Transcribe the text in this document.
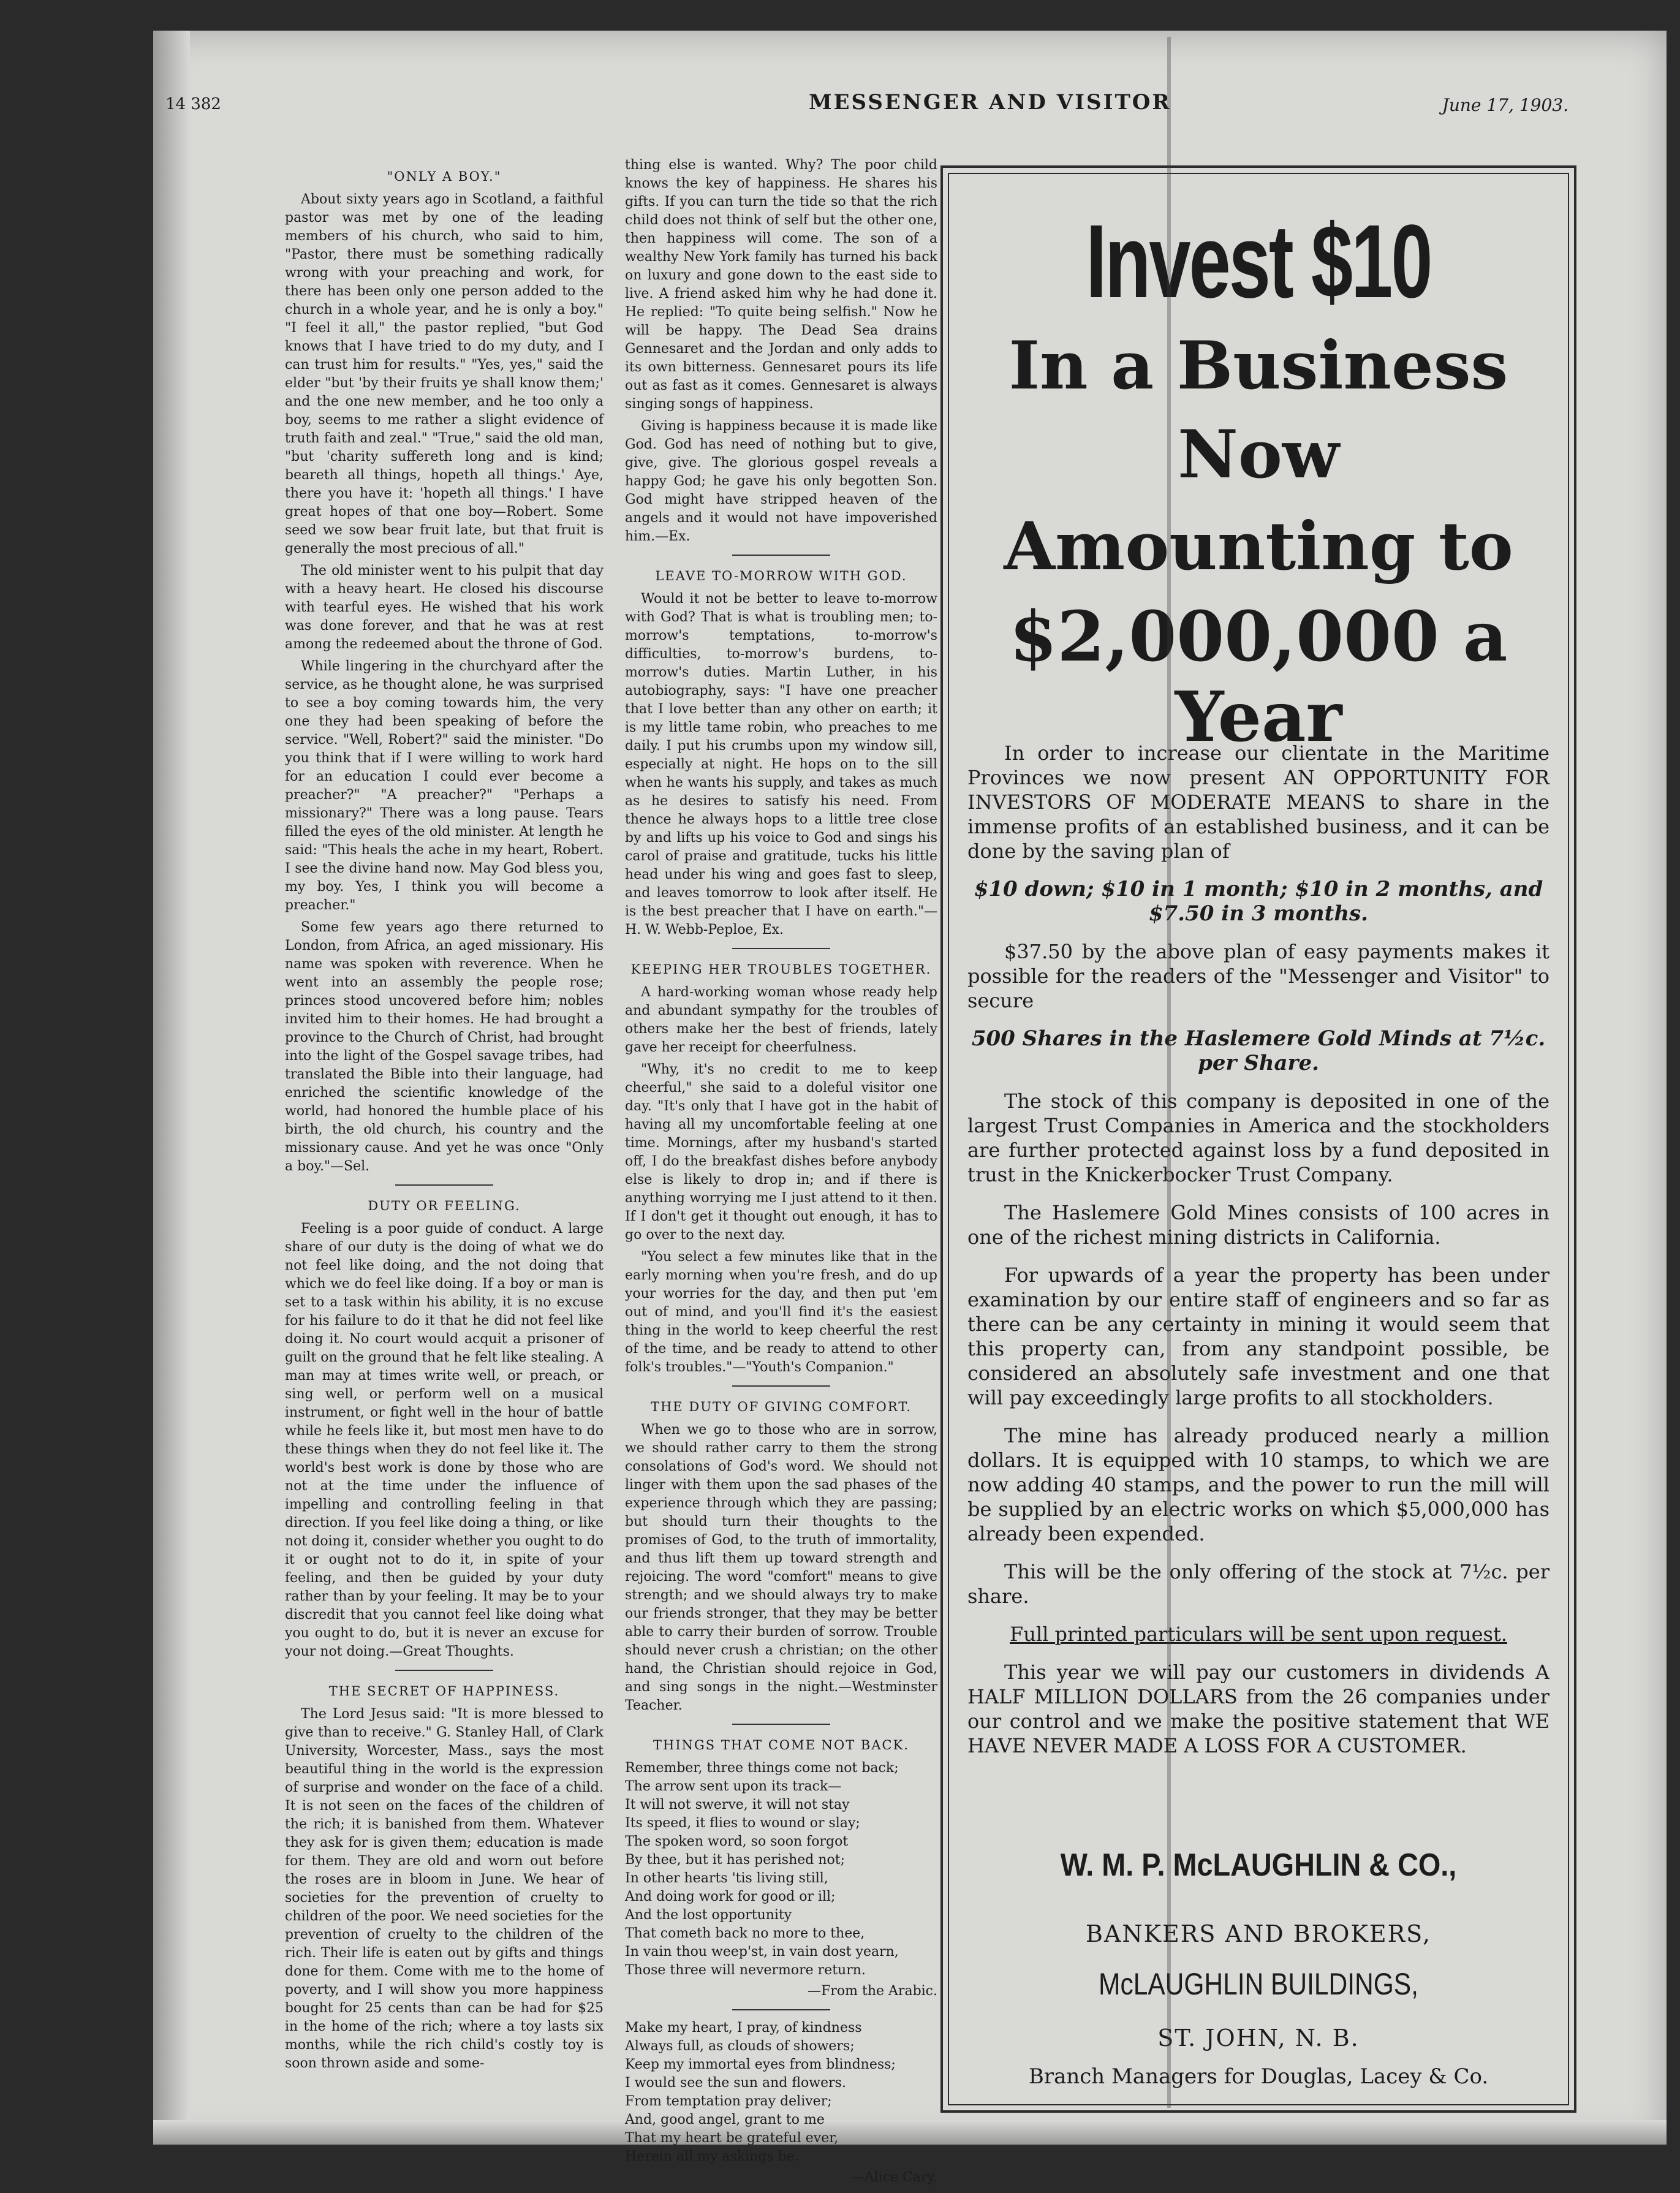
14 382	MESSENGER AND VISITOR	June 17, 1903.
"ONLY A BOY."

About sixty years ago in Scotland, a faithful pastor was met by one of the leading members of his church, who said to him, "Pastor, there must be something radically wrong with your preaching and work, for there has been only one person added to the church in a whole year, and he is only a boy." "I feel it all," the pastor replied, "but God knows that I have tried to do my duty, and I can trust him for results." "Yes, yes," said the elder "but 'by their fruits ye shall know them;' and the one new member, and he too only a boy, seems to me rather a slight evidence of truth faith and zeal." "True," said the old man, "but 'charity suffereth long and is kind; beareth all things, hopeth all things.' Aye, there you have it: 'hopeth all things.' I have great hopes of that one boy—Robert. Some seed we sow bear fruit late, but that fruit is generally the most precious of all."

The old minister went to his pulpit that day with a heavy heart. He closed his discourse with tearful eyes. He wished that his work was done forever, and that he was at rest among the redeemed about the throne of God.

While lingering in the churchyard after the service, as he thought alone, he was surprised to see a boy coming towards him, the very one they had been speaking of before the service. "Well, Robert?" said the minister. "Do you think that if I were willing to work hard for an education I could ever become a preacher?" "A preacher?" "Perhaps a missionary?" There was a long pause. Tears filled the eyes of the old minister. At length he said: "This heals the ache in my heart, Robert. I see the divine hand now. May God bless you, my boy. Yes, I think you will become a preacher."

Some few years ago there returned to London, from Africa, an aged missionary. His name was spoken with reverence. When he went into an assembly the people rose; princes stood uncovered before him; nobles invited him to their homes. He had brought a province to the Church of Christ, had brought into the light of the Gospel savage tribes, had translated the Bible into their language, had enriched the scientific knowledge of the world, had honored the humble place of his birth, the old church, his country and the missionary cause. And yet he was once "Only a boy."—Sel.

DUTY OR FEELING.

Feeling is a poor guide of conduct. A large share of our duty is the doing of what we do not feel like doing, and the not doing that which we do feel like doing. If a boy or man is set to a task within his ability, it is no excuse for his failure to do it that he did not feel like doing it. No court would acquit a prisoner of guilt on the ground that he felt like stealing. A man may at times write well, or preach, or sing well, or perform well on a musical instrument, or fight well in the hour of battle while he feels like it, but most men have to do these things when they do not feel like it. The world's best work is done by those who are not at the time under the influence of impelling and controlling feeling in that direction. If you feel like doing a thing, or like not doing it, consider whether you ought to do it or ought not to do it, in spite of your feeling, and then be guided by your duty rather than by your feeling. It may be to your discredit that you cannot feel like doing what you ought to do, but it is never an excuse for your not doing.—Great Thoughts.

THE SECRET OF HAPPINESS.

The Lord Jesus said: "It is more blessed to give than to receive." G. Stanley Hall, of Clark University, Worcester, Mass., says the most beautiful thing in the world is the expression of surprise and wonder on the face of a child. It is not seen on the faces of the children of the rich; it is banished from them. Whatever they ask for is given them; education is made for them. They are old and worn out before the roses are in bloom in June. We hear of societies for the prevention of cruelty to children of the poor. We need societies for the prevention of cruelty to the children of the rich. Their life is eaten out by gifts and things done for them. Come with me to the home of poverty, and I will show you more happiness bought for 25 cents than can be had for $25 in the home of the rich; where a toy lasts six months, while the rich child's costly toy is soon thrown aside and some-

thing else is wanted. Why? The poor child knows the key of happiness. He shares his gifts. If you can turn the tide so that the rich child does not think of self but the other one, then happiness will come. The son of a wealthy New York family has turned his back on luxury and gone down to the east side to live. A friend asked him why he had done it. He replied: "To quite being selfish." Now he will be happy. The Dead Sea drains Gennesaret and the Jordan and only adds to its own bitterness. Gennesaret pours its life out as fast as it comes. Gennesaret is always singing songs of happiness.

Giving is happiness because it is made like God. God has need of nothing but to give, give, give. The glorious gospel reveals a happy God; he gave his only begotten Son. God might have stripped heaven of the angels and it would not have impoverished him.—Ex.

LEAVE TO-MORROW WITH GOD.

Would it not be better to leave to-morrow with God? That is what is troubling men; to-morrow's temptations, to-morrow's difficulties, to-morrow's burdens, to-morrow's duties. Martin Luther, in his autobiography, says: "I have one preacher that I love better than any other on earth; it is my little tame robin, who preaches to me daily. I put his crumbs upon my window sill, especially at night. He hops on to the sill when he wants his supply, and takes as much as he desires to satisfy his need. From thence he always hops to a little tree close by and lifts up his voice to God and sings his carol of praise and gratitude, tucks his little head under his wing and goes fast to sleep, and leaves tomorrow to look after itself. He is the best preacher that I have on earth."—H. W. Webb-Peploe, Ex.

KEEPING HER TROUBLES TOGETHER.

A hard-working woman whose ready help and abundant sympathy for the troubles of others make her the best of friends, lately gave her receipt for cheerfulness.

"Why, it's no credit to me to keep cheerful," she said to a doleful visitor one day. "It's only that I have got in the habit of having all my uncomfortable feeling at one time. Mornings, after my husband's started off, I do the breakfast dishes before anybody else is likely to drop in; and if there is anything worrying me I just attend to it then. If I don't get it thought out enough, it has to go over to the next day.

"You select a few minutes like that in the early morning when you're fresh, and do up your worries for the day, and then put 'em out of mind, and you'll find it's the easiest thing in the world to keep cheerful the rest of the time, and be ready to attend to other folk's troubles."—"Youth's Companion."

THE DUTY OF GIVING COMFORT.

When we go to those who are in sorrow, we should rather carry to them the strong consolations of God's word. We should not linger with them upon the sad phases of the experience through which they are passing; but should turn their thoughts to the promises of God, to the truth of immortality, and thus lift them up toward strength and rejoicing. The word "comfort" means to give strength; and we should always try to make our friends stronger, that they may be better able to carry their burden of sorrow. Trouble should never crush a christian; on the other hand, the Christian should rejoice in God, and sing songs in the night.—Westminster Teacher.

THINGS THAT COME NOT BACK.

Remember, three things come not back;

The arrow sent upon its track—

It will not swerve, it will not stay

Its speed, it flies to wound or slay;

The spoken word, so soon forgot

By thee, but it has perished not;

In other hearts 'tis living still,

And doing work for good or ill;

And the lost opportunity

That cometh back no more to thee,

In vain thou weep'st, in vain dost yearn,

Those three will nevermore return.

—From the Arabic.

Make my heart, I pray, of kindness

Always full, as clouds of showers;

Keep my immortal eyes from blindness;

I would see the sun and flowers.

From temptation pray deliver;

And, good angel, grant to me

That my heart be grateful ever,

Herein all my askings be.

—Alice Cary.
Invest $10
In a Business
Now
Amounting to
$2,000,000 a Year

In order to increase our clientate in the Maritime Provinces we now present AN OPPORTUNITY FOR INVESTORS OF MODERATE MEANS to share in the immense profits of an established business, and it can be done by the saving plan of

$10 down; $10 in 1 month; $10 in 2 months, and $7.50 in 3 months.

$37.50 by the above plan of easy payments makes it possible for the readers of the "Messenger and Visitor" to secure

500 Shares in the Haslemere Gold Minds at 7½c. per Share.

The stock of this company is deposited in one of the largest Trust Companies in America and the stockholders are further protected against loss by a fund deposited in trust in the Knickerbocker Trust Company.

The Haslemere Gold Mines consists of 100 acres in one of the richest mining districts in California.

For upwards of a year the property has been under examination by our entire staff of engineers and so far as there can be any certainty in mining it would seem that this property can, from any standpoint possible, be considered an absolutely safe investment and one that will pay exceedingly large profits to all stockholders.

The mine has already produced nearly a million dollars. It is equipped with 10 stamps, to which we are now adding 40 stamps, and the power to run the mill will be supplied by an electric works on which $5,000,000 has already been expended.

This will be the only offering of the stock at 7½c. per share.

Full printed particulars will be sent upon request.

This year we will pay our customers in dividends A HALF MILLION DOLLARS from the 26 companies under our control and we make the positive statement that WE HAVE NEVER MADE A LOSS FOR A CUSTOMER.

W. M. P. McLAUGHLIN & CO.,
BANKERS AND BROKERS,
McLAUGHLIN BUILDINGS,
ST. JOHN, N. B.
Branch Managers for Douglas, Lacey & Co.
